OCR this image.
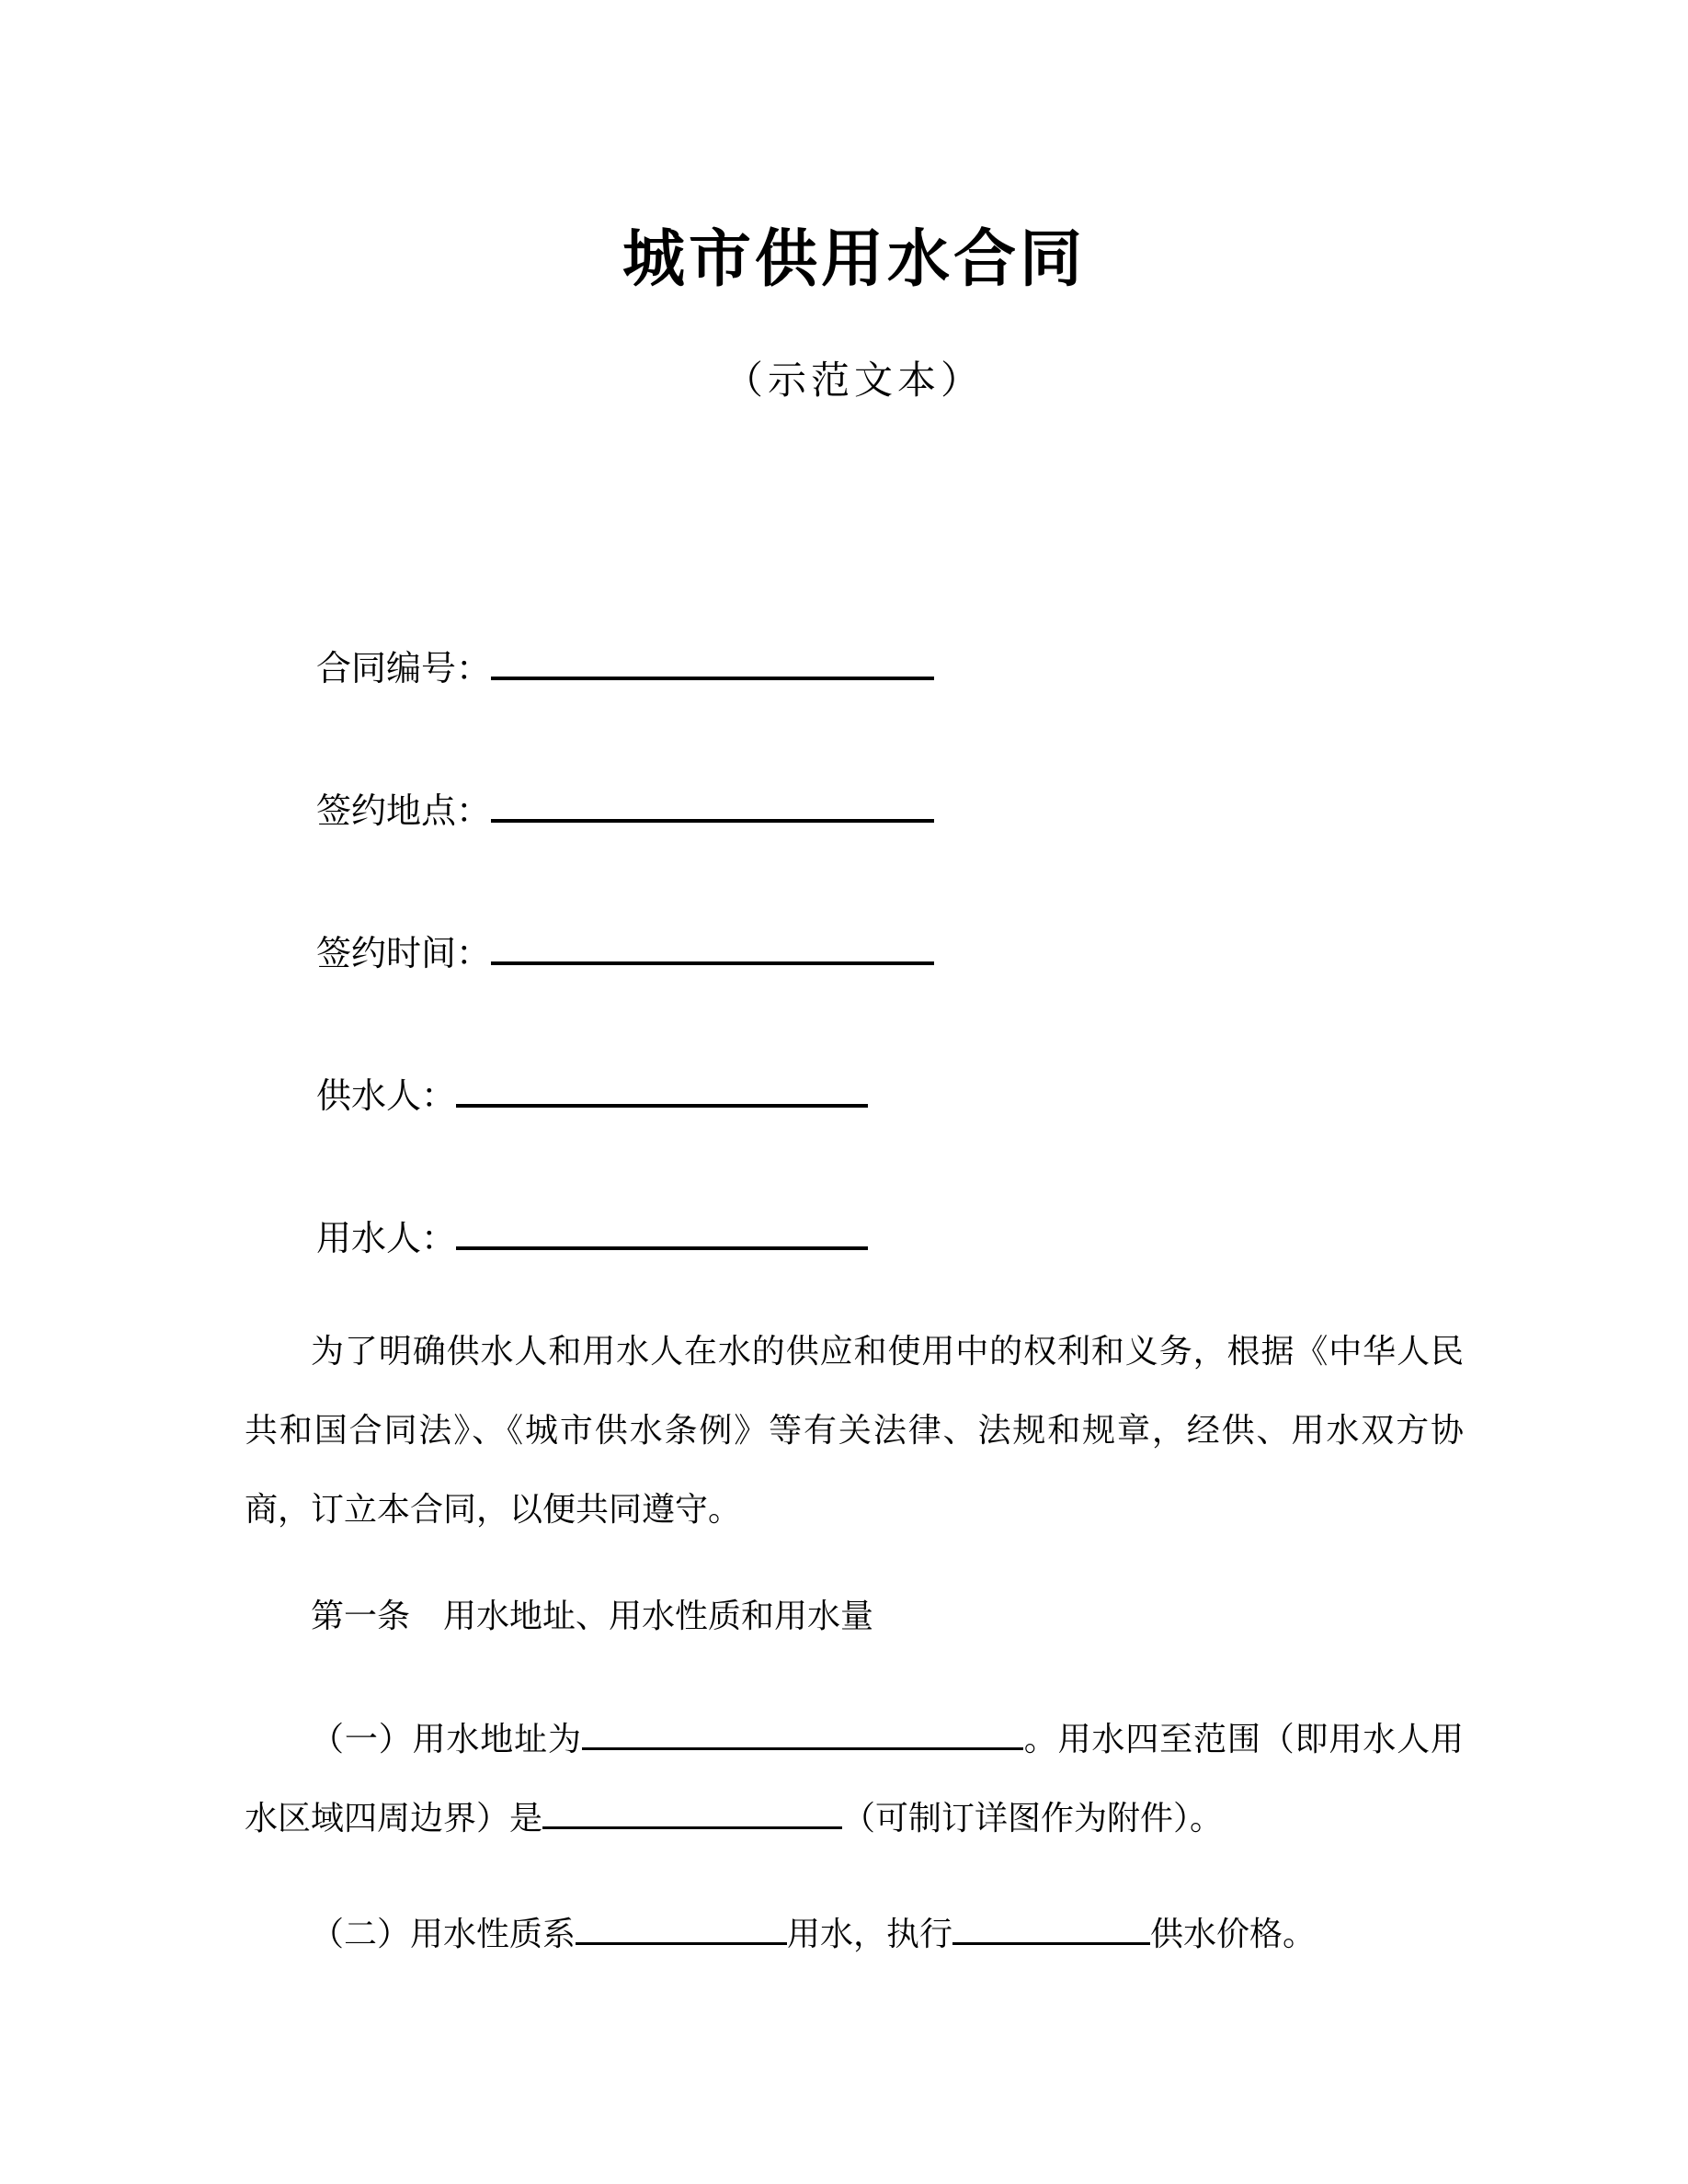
城市供用水合同
（示范文本）
合同编号：
签约地点：
签约时间：
供水人：
用水人：

为了明确供水人和用水人在水的供应和使用中的权利和义务，根据《中华人民共和国合同法》、《城市供水条例》等有关法律、法规和规章，经供、用水双方协商，订立本合同，以便共同遵守。

第一条　用水地址、用水性质和用水量

（一）用水地址为	。用水四至范围（即用水人用水区域四周边界）是	（可制订详图作为附件）。

（二）用水性质系	用水，执行	供水价格。
